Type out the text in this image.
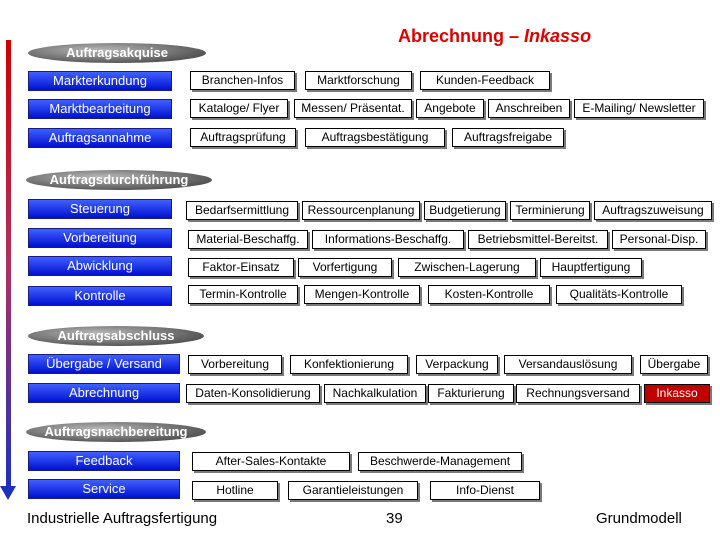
Abrechnung – Inkasso
Auftragsakquise
Auftragsdurchführung
Auftragsabschluss
Auftragsnachbereitung
Markterkundung	Branchen-Infos	Marktforschung	Kunden-Feedback
Marktbearbeitung	Kataloge/ Flyer	Messen/ Präsentat.	Angebote	Anschreiben	E-Mailing/ Newsletter
Auftragsannahme	Auftragsprüfung	Auftragsbestätigung	Auftragsfreigabe
Steuerung	Bedarfsermittlung	Ressourcenplanung	Budgetierung	Terminierung	Auftragszuweisung
Vorbereitung	Material-Beschaffg.	Informations-Beschaffg.	Betriebsmittel-Bereitst.	Personal-Disp.
Abwicklung	Faktor-Einsatz	Vorfertigung	Zwischen-Lagerung	Hauptfertigung
Kontrolle	Termin-Kontrolle	Mengen-Kontrolle	Kosten-Kontrolle	Qualitäts-Kontrolle
Übergabe / Versand	Vorbereitung	Konfektionierung	Verpackung	Versandauslösung	Übergabe
Abrechnung	Daten-Konsolidierung	Nachkalkulation	Fakturierung	Rechnungsversand	Inkasso
Feedback	After-Sales-Kontakte	Beschwerde-Management
Service	Hotline	Garantieleistungen	Info-Dienst
Industrielle Auftragsfertigung	39	Grundmodell
